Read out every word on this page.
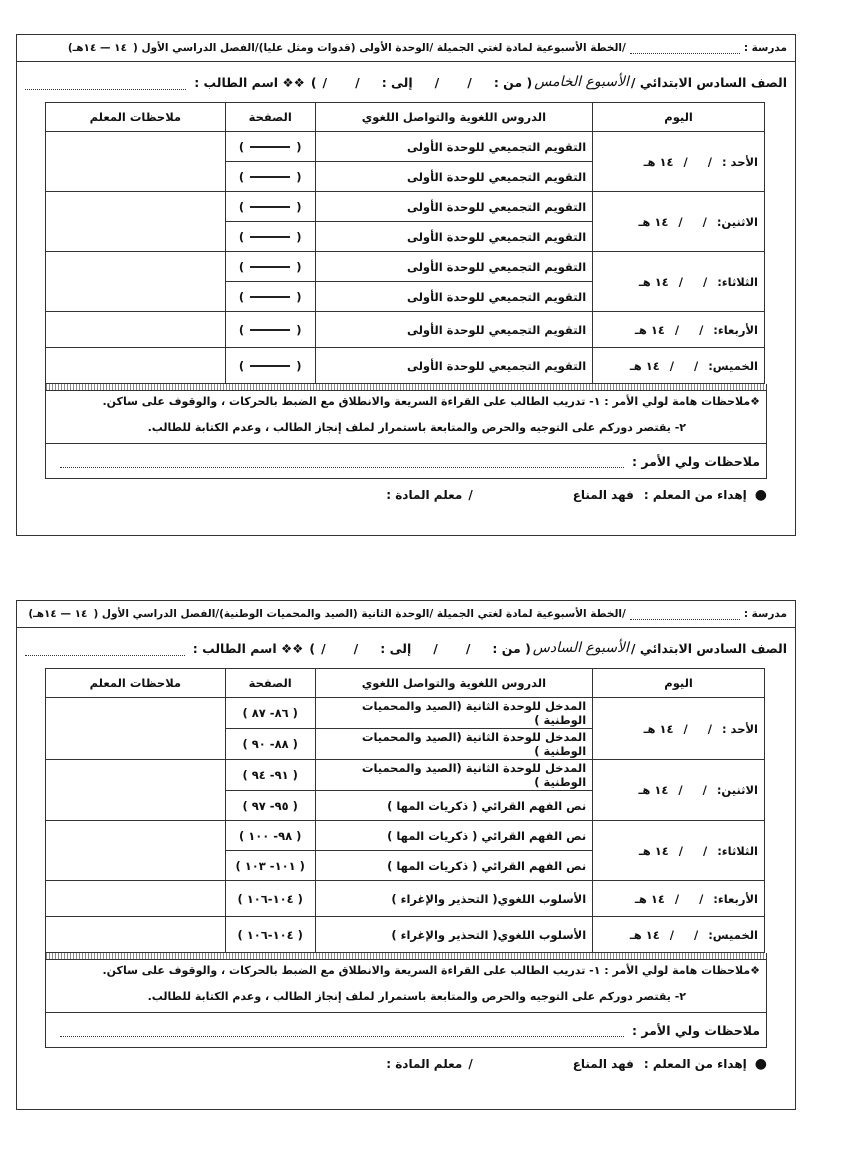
مدرسة :
/الخطة الأسبوعية لمادة لغتي الجميلة /الوحدة الأولى (قدوات ومثل عليا)/الفصل الدراسي الأول (
١٤ — ١٤هـ)
الصف السادس الابتدائي /
الأسبوع الخامس
( من :
/
/
إلى :
/
/
)
❖❖ اسم الطالب :
اليوم	الدروس اللغوية والتواصل اللغوي	الصفحة	ملاحظات المعلم
الأحد ://١٤ هـ	التقويم التجميعي للوحدة الأولى	()	
	التقويم التجميعي للوحدة الأولى	()	
الاثنين://١٤ هـ	التقويم التجميعي للوحدة الأولى	()	
	التقويم التجميعي للوحدة الأولى	()	
الثلاثاء://١٤ هـ	التقويم التجميعي للوحدة الأولى	()	
	التقويم التجميعي للوحدة الأولى	()	
الأربعاء://١٤ هـ	التقويم التجميعي للوحدة الأولى	()	
الخميس://١٤ هـ	التقويم التجميعي للوحدة الأولى	()	
❖ملاحظات هامة لولي الأمر : ١- تدريب الطالب على القراءة السريعة والانطلاق مع الضبط بالحركات ، والوقوف على ساكن.
٢- يقتصر دوركم على التوجيه والحرص والمتابعة باستمرار لملف إنجاز الطالب ، وعدم الكتابة للطالب.
ملاحظات ولي الأمر :
●
إهداء من المعلم :
فهد المناع
/
معلم المادة :
مدرسة :
/الخطة الأسبوعية لمادة لغتي الجميلة /الوحدة الثانية (الصيد والمحميات الوطنية)/الفصل الدراسي الأول (
١٤ — ١٤هـ)
الصف السادس الابتدائي /
الأسبوع السادس
( من :
/
/
إلى :
/
/
)
❖❖ اسم الطالب :
اليوم	الدروس اللغوية والتواصل اللغوي	الصفحة	ملاحظات المعلم
الأحد ://١٤ هـ	المدخل للوحدة الثانية (الصيد والمحميات الوطنية )	( ٨٦- ٨٧ )	
	المدخل للوحدة الثانية (الصيد والمحميات الوطنية )	( ٨٨- ٩٠ )	
الاثنين://١٤ هـ	المدخل للوحدة الثانية (الصيد والمحميات الوطنية )	( ٩١- ٩٤ )	
	نص الفهم القرائي ( ذكريات المها )	( ٩٥- ٩٧ )	
الثلاثاء://١٤ هـ	نص الفهم القرائي ( ذكريات المها )	( ٩٨- ١٠٠ )	
	نص الفهم القرائي ( ذكريات المها )	( ١٠١- ١٠٣ )	
الأربعاء://١٤ هـ	الأسلوب اللغوي( التحذير والإغراء )	( ١٠٤-١٠٦ )	
الخميس://١٤ هـ	الأسلوب اللغوي( التحذير والإغراء )	( ١٠٤-١٠٦ )	
❖ملاحظات هامة لولي الأمر : ١- تدريب الطالب على القراءة السريعة والانطلاق مع الضبط بالحركات ، والوقوف على ساكن.
٢- يقتصر دوركم على التوجيه والحرص والمتابعة باستمرار لملف إنجاز الطالب ، وعدم الكتابة للطالب.
ملاحظات ولي الأمر :
●
إهداء من المعلم :
فهد المناع
/
معلم المادة :
